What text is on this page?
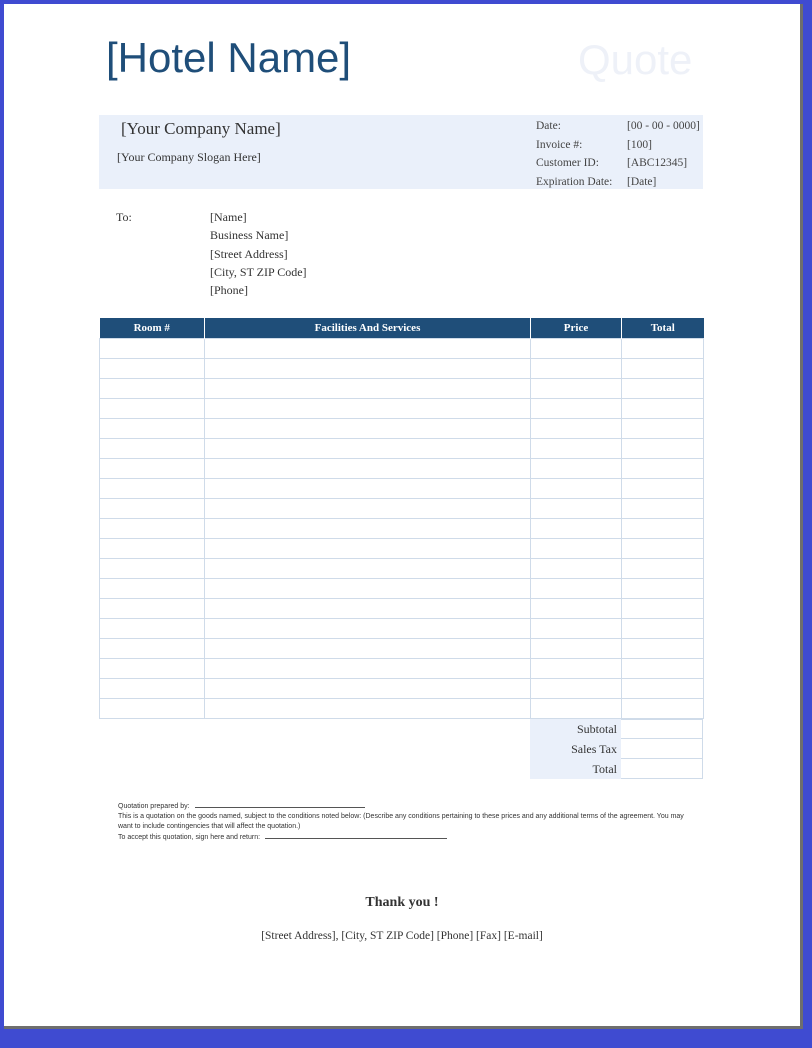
[Hotel Name]	Quote
[Your Company Name]
[Your Company Slogan Here]
Date:	[00 - 00 - 0000]
Invoice #:	[100]
Customer ID: [ABC12345]
Expiration Date: [Date]
To:	[Name]
Business Name]
[Street Address]
[City, ST ZIP Code]
[Phone]
Room #	Facilities And Services	Price	Total

Subtotal
Sales Tax
Total
Quotation prepared by:
This is a quotation on the goods named, subject to the conditions noted below: (Describe any conditions pertaining to these prices and any additional terms of the agreement. You may
want to include contingencies that will affect the quotation.)
To accept this quotation, sign here and return:
Thank you !
[Street Address], [City, ST ZIP Code] [Phone] [Fax] [E-mail]
